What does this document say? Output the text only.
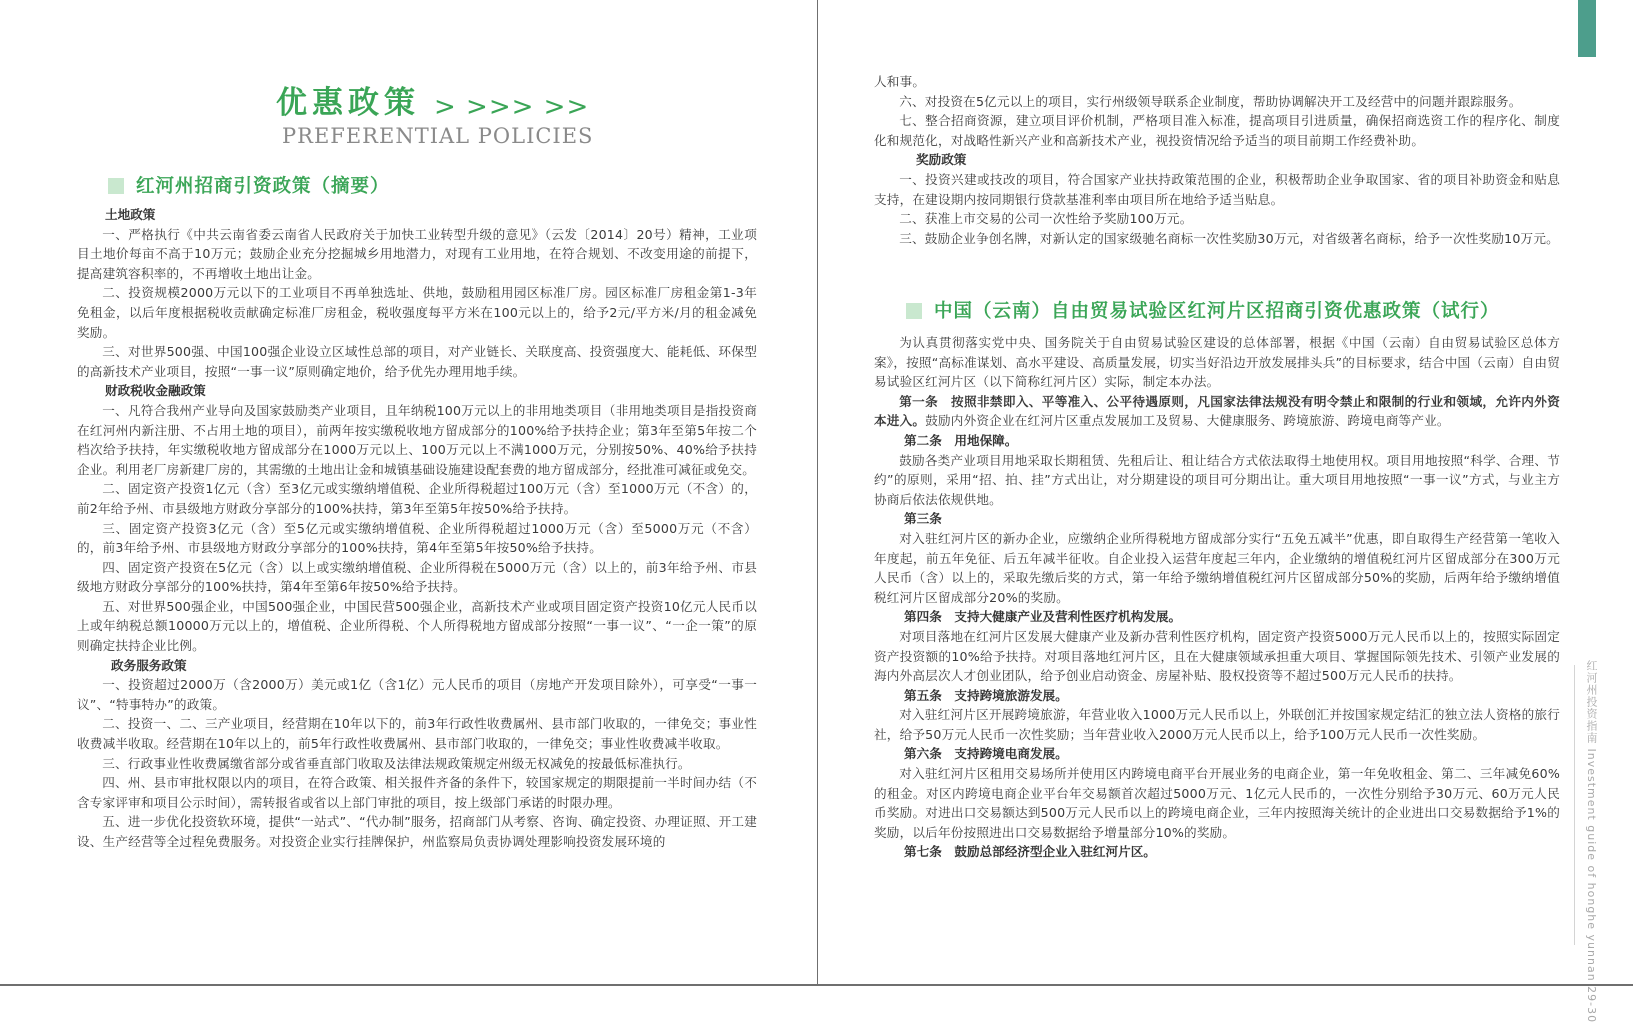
优惠政策 > >>> >>
PREFERENTIAL POLICIES
红河州招商引资政策（摘要）

土地政策

一、严格执行《中共云南省委云南省人民政府关于加快工业转型升级的意见》（云发〔2014〕20号）精神，工业项目土地价每亩不高于10万元；鼓励企业充分挖掘城乡用地潜力，对现有工业用地，在符合规划、不改变用途的前提下，提高建筑容积率的，不再增收土地出让金。

二、投资规模2000万元以下的工业项目不再单独选址、供地，鼓励租用园区标准厂房。园区标准厂房租金第1-3年免租金，以后年度根据税收贡献确定标准厂房租金，税收强度每平方米在100元以上的，给予2元/平方米/月的租金减免奖励。

三、对世界500强、中国100强企业设立区域性总部的项目，对产业链长、关联度高、投资强度大、能耗低、环保型的高新技术产业项目，按照“一事一议”原则确定地价，给予优先办理用地手续。

财政税收金融政策

一、凡符合我州产业导向及国家鼓励类产业项目，且年纳税100万元以上的非用地类项目（非用地类项目是指投资商在红河州内新注册、不占用土地的项目），前两年按实缴税收地方留成部分的100%给予扶持企业；第3年至第5年按二个档次给予扶持，年实缴税收地方留成部分在1000万元以上、100万元以上不满1000万元，分别按50%、40%给予扶持企业。利用老厂房新建厂房的，其需缴的土地出让金和城镇基础设施建设配套费的地方留成部分，经批准可减征或免交。

二、固定资产投资1亿元（含）至3亿元或实缴纳增值税、企业所得税超过100万元（含）至1000万元（不含）的，前2年给予州、市县级地方财政分享部分的100%扶持，第3年至第5年按50%给予扶持。

三、固定资产投资3亿元（含）至5亿元或实缴纳增值税、企业所得税超过1000万元（含）至5000万元（不含）的，前3年给予州、市县级地方财政分享部分的100%扶持，第4年至第5年按50%给予扶持。

四、固定资产投资在5亿元（含）以上或实缴纳增值税、企业所得税在5000万元（含）以上的，前3年给予州、市县级地方财政分享部分的100%扶持，第4年至第6年按50%给予扶持。

五、对世界500强企业，中国500强企业，中国民营500强企业，高新技术产业或项目固定资产投资10亿元人民币以上或年纳税总额10000万元以上的，增值税、企业所得税、个人所得税地方留成部分按照“一事一议”、“一企一策”的原则确定扶持企业比例。

政务服务政策

一、投资超过2000万（含2000万）美元或1亿（含1亿）元人民币的项目（房地产开发项目除外），可享受“一事一议”、“特事特办”的政策。

二、投资一、二、三产业项目，经营期在10年以下的，前3年行政性收费属州、县市部门收取的，一律免交；事业性收费减半收取。经营期在10年以上的，前5年行政性收费属州、县市部门收取的，一律免交；事业性收费减半收取。

三、行政事业性收费属缴省部分或省垂直部门收取及法律法规政策规定州级无权减免的按最低标准执行。

四、州、县市审批权限以内的项目，在符合政策、相关报件齐备的条件下，较国家规定的期限提前一半时间办结（不含专家评审和项目公示时间），需转报省或省以上部门审批的项目，按上级部门承诺的时限办理。

五、进一步优化投资软环境，提供“一站式”、“代办制”服务，招商部门从考察、咨询、确定投资、办理证照、开工建设、生产经营等全过程免费服务。对投资企业实行挂牌保护，州监察局负责协调处理影响投资发展环境的

人和事。

六、对投资在5亿元以上的项目，实行州级领导联系企业制度，帮助协调解决开工及经营中的问题并跟踪服务。

七、整合招商资源，建立项目评价机制，严格项目准入标准，提高项目引进质量，确保招商选资工作的程序化、制度化和规范化，对战略性新兴产业和高新技术产业，视投资情况给予适当的项目前期工作经费补助。

奖励政策

一、投资兴建或技改的项目，符合国家产业扶持政策范围的企业，积极帮助企业争取国家、省的项目补助资金和贴息支持，在建设期内按同期银行贷款基准利率由项目所在地给予适当贴息。

二、获准上市交易的公司一次性给予奖励100万元。

三、鼓励企业争创名牌，对新认定的国家级驰名商标一次性奖励30万元，对省级著名商标，给予一次性奖励10万元。

中国（云南）自由贸易试验区红河片区招商引资优惠政策（试行）

为认真贯彻落实党中央、国务院关于自由贸易试验区建设的总体部署，根据《中国（云南）自由贸易试验区总体方案》，按照“高标准谋划、高水平建设、高质量发展，切实当好沿边开放发展排头兵”的目标要求，结合中国（云南）自由贸易试验区红河片区（以下简称红河片区）实际，制定本办法。

第一条　按照非禁即入、平等准入、公平待遇原则，凡国家法律法规没有明令禁止和限制的行业和领域，允许内外资本进入。鼓励内外资企业在红河片区重点发展加工及贸易、大健康服务、跨境旅游、跨境电商等产业。

第二条　用地保障。

鼓励各类产业项目用地采取长期租赁、先租后让、租让结合方式依法取得土地使用权。项目用地按照“科学、合理、节约”的原则，采用“招、拍、挂”方式出让，对分期建设的项目可分期出让。重大项目用地按照“一事一议”方式，与业主方协商后依法依规供地。

第三条

对入驻红河片区的新办企业，应缴纳企业所得税地方留成部分实行“五免五减半”优惠，即自取得生产经营第一笔收入年度起，前五年免征、后五年减半征收。自企业投入运营年度起三年内，企业缴纳的增值税红河片区留成部分在300万元人民币（含）以上的，采取先缴后奖的方式，第一年给予缴纳增值税红河片区留成部分50%的奖励，后两年给予缴纳增值税红河片区留成部分20%的奖励。

第四条　支持大健康产业及营利性医疗机构发展。

对项目落地在红河片区发展大健康产业及新办营利性医疗机构，固定资产投资5000万元人民币以上的，按照实际固定资产投资额的10%给予扶持。对项目落地红河片区，且在大健康领域承担重大项目、掌握国际领先技术、引领产业发展的海内外高层次人才创业团队，给予创业启动资金、房屋补贴、股权投资等不超过500万元人民币的扶持。

第五条　支持跨境旅游发展。

对入驻红河片区开展跨境旅游，年营业收入1000万元人民币以上，外联创汇并按国家规定结汇的独立法人资格的旅行社，给予50万元人民币一次性奖励；当年营业收入2000万元人民币以上，给予100万元人民币一次性奖励。

第六条　支持跨境电商发展。

对入驻红河片区租用交易场所并使用区内跨境电商平台开展业务的电商企业，第一年免收租金、第二、三年减免60%的租金。对区内跨境电商企业平台年交易额首次超过5000万元、1亿元人民币的，一次性分别给予30万元、60万元人民币奖励。对进出口交易额达到500万元人民币以上的跨境电商企业，三年内按照海关统计的企业进出口交易数据给予1%的奖励，以后年份按照进出口交易数据给予增量部分10%的奖励。

第七条　鼓励总部经济型企业入驻红河片区。	红河州投资指南 Investment guide of honghe yunnan 29-30
